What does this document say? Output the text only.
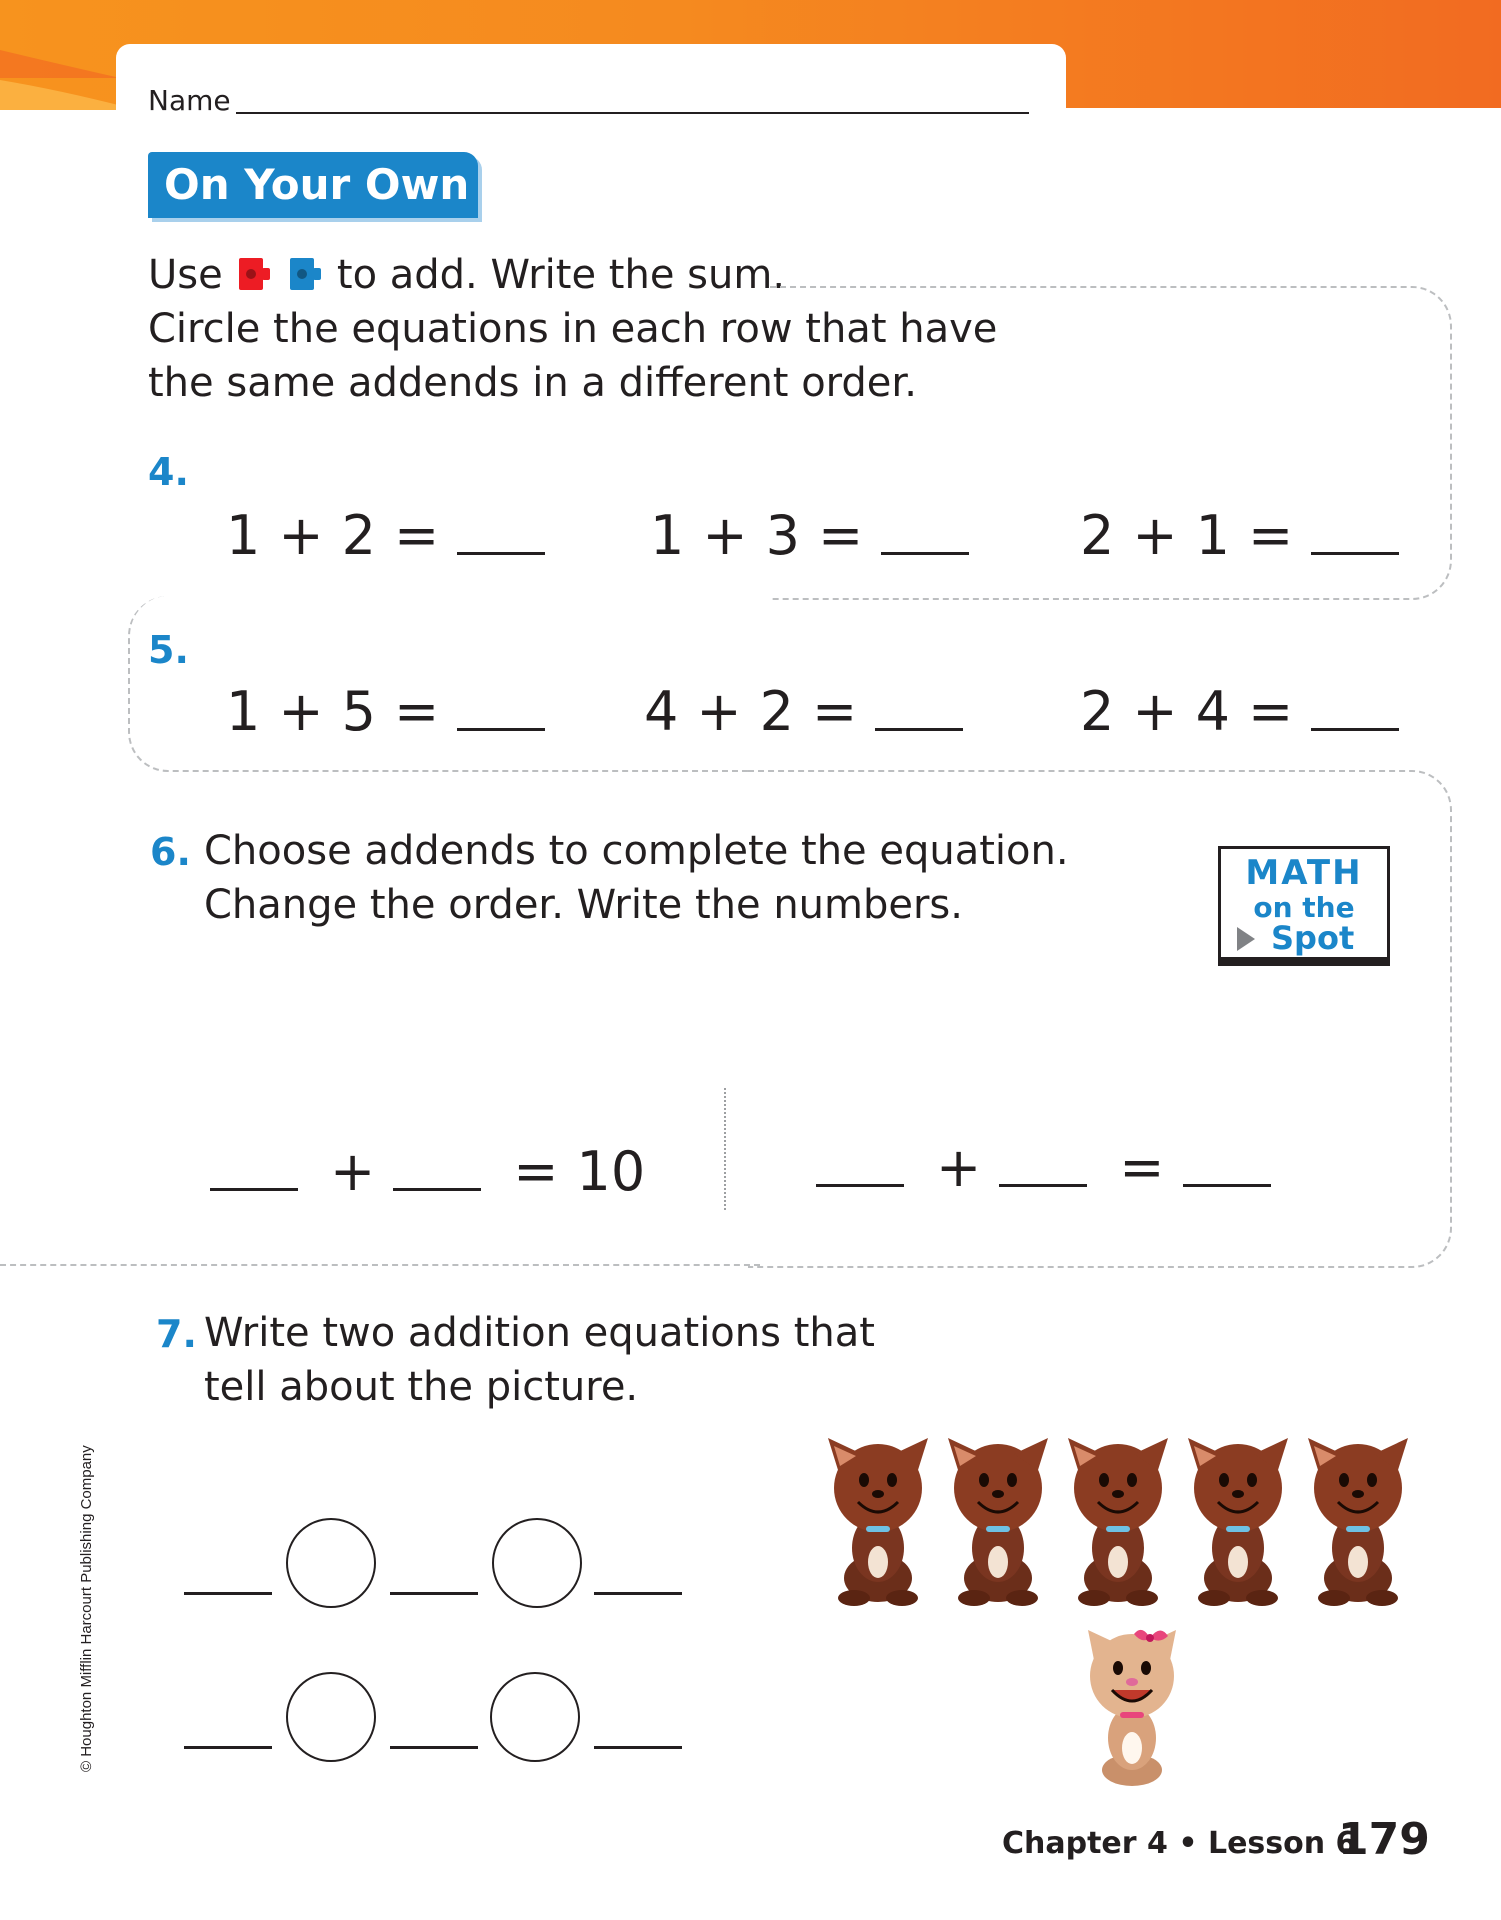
Name
On Your Own
Use
	to add. Write the sum.
Circle the equations in each row that have
the same addends in a different order.
4.
1 + 2 =	1 + 3 =	2 + 1 =
5.
1 + 5 =	4 + 2 =	2 + 4 =
6. Choose addends to complete the equation.
Change the order. Write the numbers.
MATH
on the
Spot
+	= 10	+	=
7. Write two addition equations that
tell about the picture.
© Houghton Mifflin Harcourt Publishing Company
Chapter 4 • Lesson 6
179
